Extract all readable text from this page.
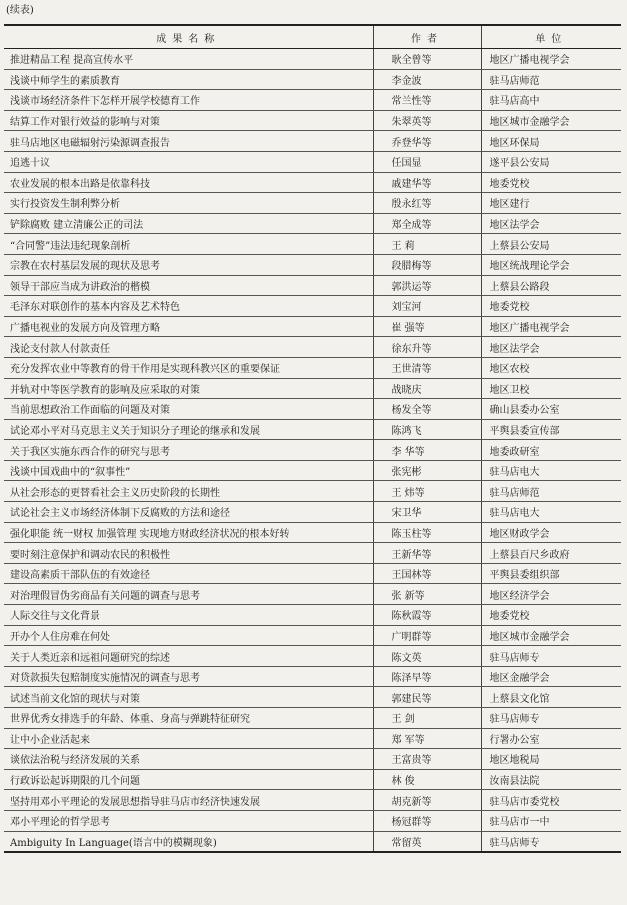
(续表)
成果名称	作者	单位
推进精品工程 提高宣传水平	耿全曾等	地区广播电视学会
浅谈中师学生的素质教育	李金波	驻马店师范
浅谈市场经济条件下怎样开展学校德育工作	常兰性等	驻马店高中
结算工作对银行效益的影响与对策	朱翠英等	地区城市金融学会
驻马店地区电磁辐射污染源调查报告	乔登华等	地区环保局
追逃十议	任国显	遂平县公安局
农业发展的根本出路是依靠科技	戚建华等	地委党校
实行投资发生制利弊分析	殷永红等	地区建行
铲除腐败 建立清廉公正的司法	郑全成等	地区法学会
“合同警”违法违纪现象剖析	王 莉	上蔡县公安局
宗教在农村基层发展的现状及思考	段腊梅等	地区统战理论学会
领导干部应当成为讲政治的楷模	郭洪运等	上蔡县公路段
毛泽东对联创作的基本内容及艺术特色	刘宝河	地委党校
广播电视业的发展方向及管理方略	崔 强等	地区广播电视学会
浅论支付款人付款责任	徐东升等	地区法学会
充分发挥农业中等教育的骨干作用是实现科教兴区的重要保证	王世清等	地区农校
并轨对中等医学教育的影响及应采取的对策	战晓庆	地区卫校
当前思想政治工作面临的问题及对策	杨发全等	确山县委办公室
试论邓小平对马克思主义关于知识分子理论的继承和发展	陈鸿飞	平舆县委宣传部
关于我区实施东西合作的研究与思考	李 华等	地委政研室
浅谈中国戏曲中的“叙事性”	张宪彬	驻马店电大
从社会形态的更替看社会主义历史阶段的长期性	王 炜等	驻马店师范
试论社会主义市场经济体制下反腐败的方法和途径	宋卫华	驻马店电大
强化职能 统一财权 加强管理 实现地方财政经济状况的根本好转	陈玉柱等	地区财政学会
要时刻注意保护和调动农民的积极性	王新华等	上蔡县百尺乡政府
建设高素质干部队伍的有效途径	王国林等	平舆县委组织部
对治理假冒伪劣商品有关问题的调查与思考	张 新等	地区经济学会
人际交往与文化背景	陈秋霞等	地委党校
开办个人住房难在何处	广明群等	地区城市金融学会
关于人类近亲和远祖问题研究的综述	陈文英	驻马店师专
对贷款损失包赔制度实施情况的调查与思考	陈泽早等	地区金融学会
试述当前文化馆的现状与对策	郭建民等	上蔡县文化馆
世界优秀女排选手的年龄、体重、身高与弹跳特征研究	王 剑	驻马店师专
让中小企业活起来	郑 军等	行署办公室
谈依法治税与经济发展的关系	王富贵等	地区地税局
行政诉讼起诉期限的几个问题	林 俊	汝南县法院
坚持用邓小平理论的发展思想指导驻马店市经济快速发展	胡克新等	驻马店市委党校
邓小平理论的哲学思考	杨冠群等	驻马店市一中
Ambiguity In Language(语言中的模糊现象)	常留英	驻马店师专
